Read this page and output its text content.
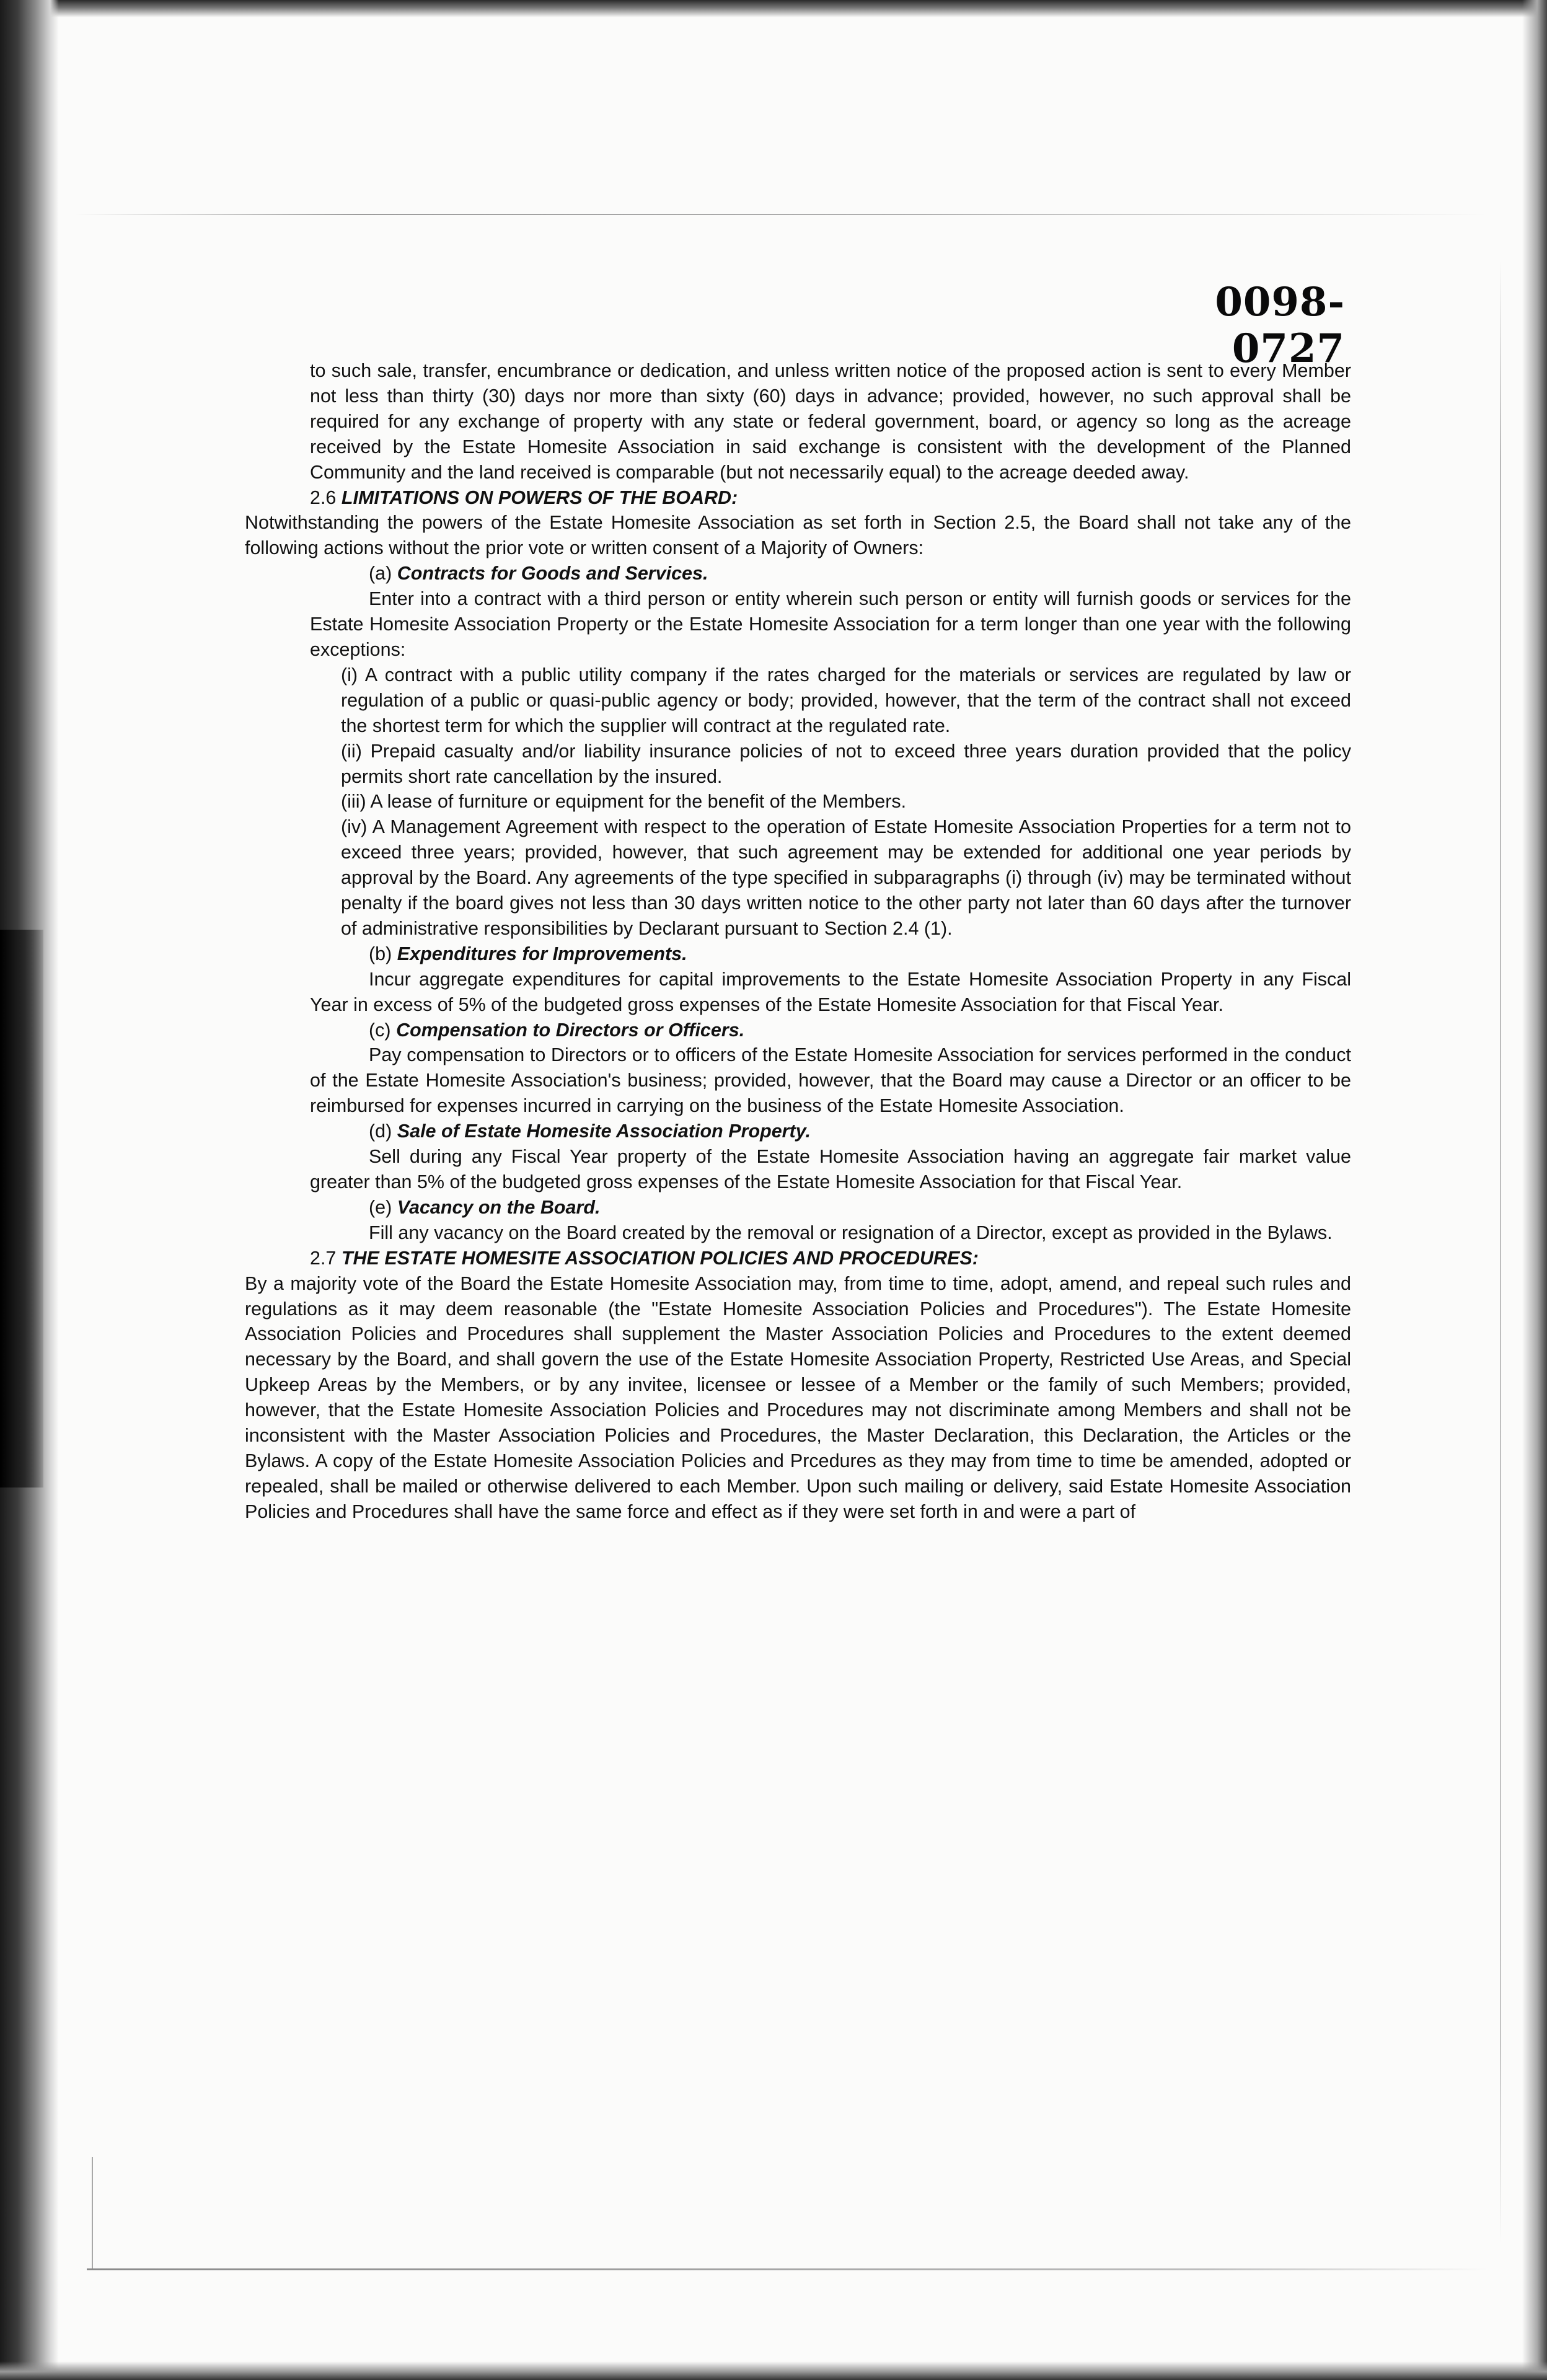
0098-0727

to such sale, transfer, encumbrance or dedication, and unless written notice of the proposed action is sent to every Member not less than thirty (30) days nor more than sixty (60) days in advance; provided, however, no such approval shall be required for any exchange of property with any state or federal government, board, or agency so long as the acreage received by the Estate Homesite Association in said exchange is consistent with the development of the Planned Community and the land received is comparable (but not necessarily equal) to the acreage deeded away.

2.6 LIMITATIONS ON POWERS OF THE BOARD:

Notwithstanding the powers of the Estate Homesite Association as set forth in Section 2.5, the Board shall not take any of the following actions without the prior vote or written consent of a Majority of Owners:

(a) Contracts for Goods and Services.

Enter into a contract with a third person or entity wherein such person or entity will furnish goods or services for the Estate Homesite Association Property or the Estate Homesite Association for a term longer than one year with the following exceptions:

(i) A contract with a public utility company if the rates charged for the materials or services are regulated by law or regulation of a public or quasi-public agency or body; provided, however, that the term of the contract shall not exceed the shortest term for which the supplier will contract at the regulated rate.

(ii) Prepaid casualty and/or liability insurance policies of not to exceed three years duration provided that the policy permits short rate cancellation by the insured.

(iii) A lease of furniture or equipment for the benefit of the Members.

(iv) A Management Agreement with respect to the operation of Estate Homesite Association Properties for a term not to exceed three years; provided, however, that such agreement may be extended for additional one year periods by approval by the Board. Any agreements of the type specified in subparagraphs (i) through (iv) may be terminated without penalty if the board gives not less than 30 days written notice to the other party not later than 60 days after the turnover of administrative responsibilities by Declarant pursuant to Section 2.4 (1).

(b) Expenditures for Improvements.

Incur aggregate expenditures for capital improvements to the Estate Homesite Association Property in any Fiscal Year in excess of 5% of the budgeted gross expenses of the Estate Homesite Association for that Fiscal Year.

(c) Compensation to Directors or Officers.

Pay compensation to Directors or to officers of the Estate Homesite Association for services performed in the conduct of the Estate Homesite Association's business; provided, however, that the Board may cause a Director or an officer to be reimbursed for expenses incurred in carrying on the business of the Estate Homesite Association.

(d) Sale of Estate Homesite Association Property.

Sell during any Fiscal Year property of the Estate Homesite Association having an aggregate fair market value greater than 5% of the budgeted gross expenses of the Estate Homesite Association for that Fiscal Year.

(e) Vacancy on the Board.

Fill any vacancy on the Board created by the removal or resignation of a Director, except as provided in the Bylaws.

2.7 THE ESTATE HOMESITE ASSOCIATION POLICIES AND PROCEDURES:

By a majority vote of the Board the Estate Homesite Association may, from time to time, adopt, amend, and repeal such rules and regulations as it may deem reasonable (the "Estate Homesite Association Policies and Procedures"). The Estate Homesite Association Policies and Procedures shall supplement the Master Association Policies and Procedures to the extent deemed necessary by the Board, and shall govern the use of the Estate Homesite Association Property, Restricted Use Areas, and Special Upkeep Areas by the Members, or by any invitee, licensee or lessee of a Member or the family of such Members; provided, however, that the Estate Homesite Association Policies and Procedures may not discriminate among Members and shall not be inconsistent with the Master Association Policies and Procedures, the Master Declaration, this Declaration, the Articles or the Bylaws. A copy of the Estate Homesite Association Policies and Prcedures as they may from time to time be amended, adopted or repealed, shall be mailed or otherwise delivered to each Member. Upon such mailing or delivery, said Estate Homesite Association Policies and Procedures shall have the same force and effect as if they were set forth in and were a part of
